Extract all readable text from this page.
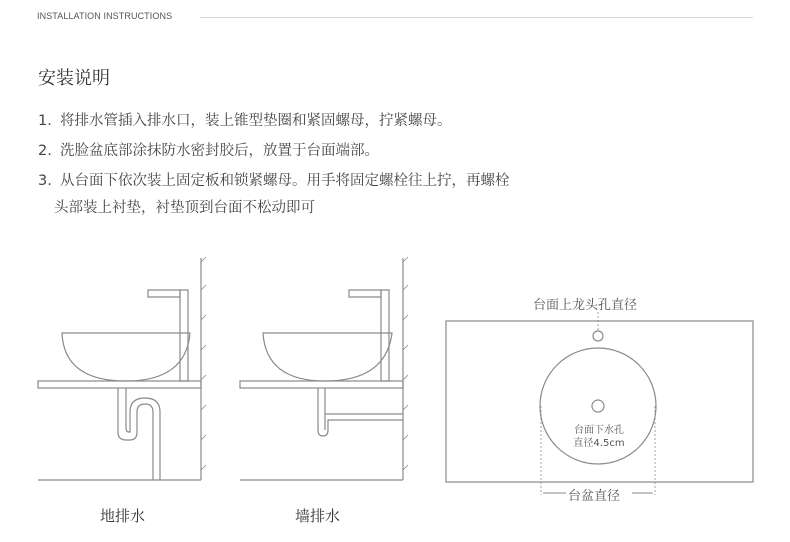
INSTALLATION INSTRUCTIONS
安装说明
1. 将排水管插入排水口，装上锥型垫圈和紧固螺母，拧紧螺母。
2. 洗脸盆底部涂抹防水密封胶后，放置于台面端部。
3. 从台面下依次装上固定板和锁紧螺母。用手将固定螺栓往上拧，再螺栓
头部装上衬垫，衬垫顶到台面不松动即可
台面上龙头孔直径
台面下水孔
直径4.5cm
台盆直径
地排水	墙排水
